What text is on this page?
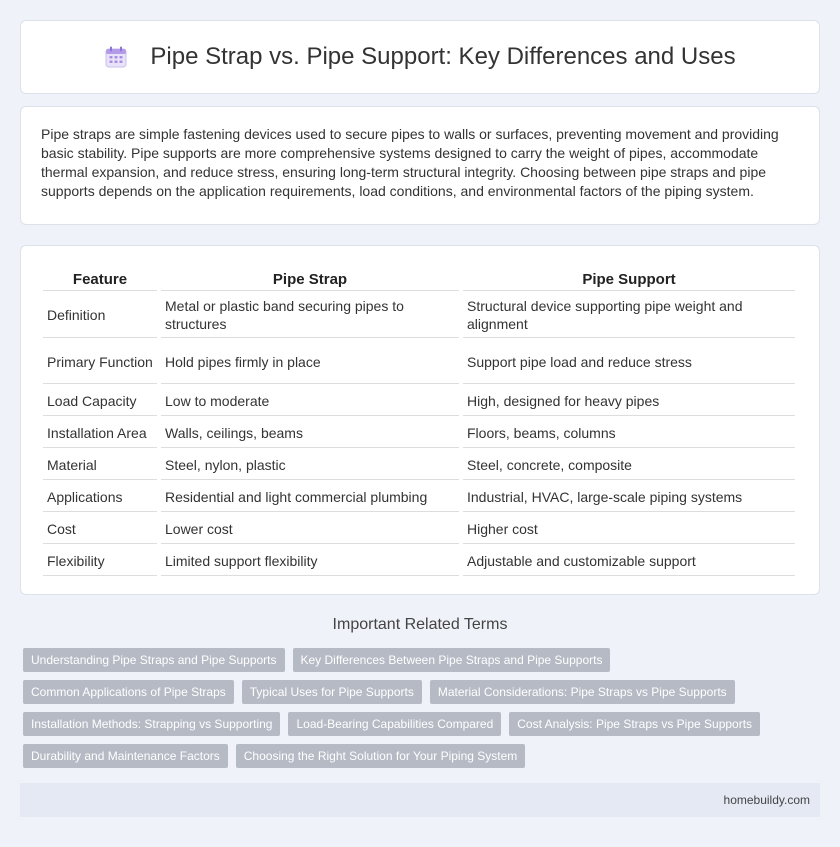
Pipe Strap vs. Pipe Support: Key Differences and Uses

Pipe straps are simple fastening devices used to secure pipes to walls or surfaces, preventing movement and providing basic stability. Pipe supports are more comprehensive systems designed to carry the weight of pipes, accommodate thermal expansion, and reduce stress, ensuring long-term structural integrity. Choosing between pipe straps and pipe supports depends on the application requirements, load conditions, and environmental factors of the piping system.

Feature	Pipe Strap	Pipe Support
Definition	Metal or plastic band securing pipes to structures	Structural device supporting pipe weight and alignment
Primary Function	Hold pipes firmly in place	Support pipe load and reduce stress
Load Capacity	Low to moderate	High, designed for heavy pipes
Installation Area	Walls, ceilings, beams	Floors, beams, columns
Material	Steel, nylon, plastic	Steel, concrete, composite
Applications	Residential and light commercial plumbing	Industrial, HVAC, large-scale piping systems
Cost	Lower cost	Higher cost
Flexibility	Limited support flexibility	Adjustable and customizable support
Important Related Terms
Understanding Pipe Straps and Pipe Supports	Key Differences Between Pipe Straps and Pipe Supports
Common Applications of Pipe Straps	Typical Uses for Pipe Supports	Material Considerations: Pipe Straps vs Pipe Supports
Installation Methods: Strapping vs Supporting	Load-Bearing Capabilities Compared	Cost Analysis: Pipe Straps vs Pipe Supports
Durability and Maintenance Factors	Choosing the Right Solution for Your Piping System
homebuildy.com
